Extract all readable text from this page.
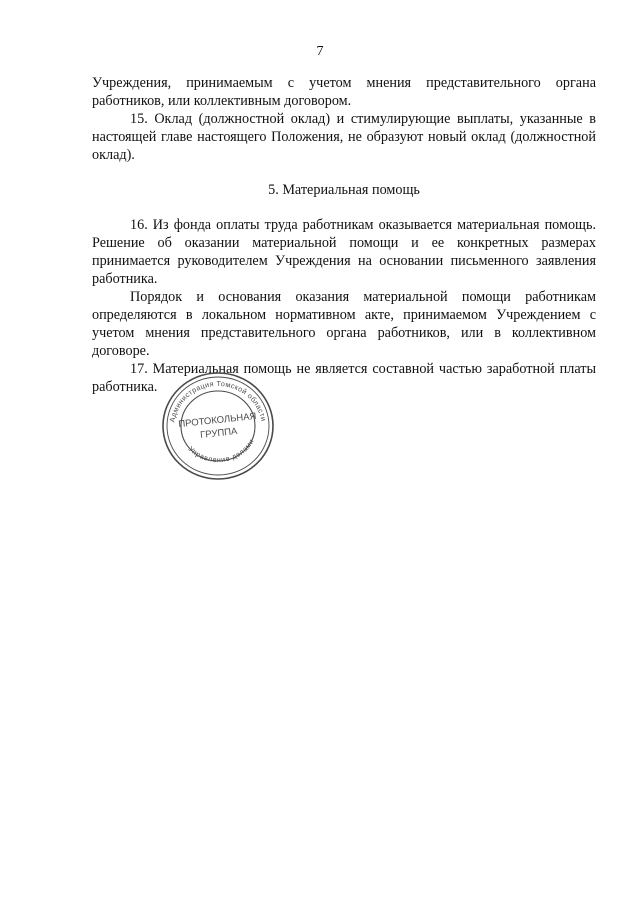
7

Учреждения, принимаемым с учетом мнения представительного органа работников, или коллективным договором.

15. Оклад (должностной оклад) и стимулирующие выплаты, указанные в настоящей главе настоящего Положения, не образуют новый оклад (должностной оклад).

5. Материальная помощь

16. Из фонда оплаты труда работникам оказывается материальная помощь. Решение об оказании материальной помощи и ее конкретных размерах принимается руководителем Учреждения на основании письменного заявления работника.

Порядок и основания оказания материальной помощи работникам определяются в локальном нормативном акте, принимаемом Учреждением с учетом мнения представительного органа работников, или в коллективном договоре.

17. Материальная помощь не является составной частью заработной платы работника.

Администрация Томской области
Управление делами
ПРОТОКОЛЬНАЯ
ГРУППА
